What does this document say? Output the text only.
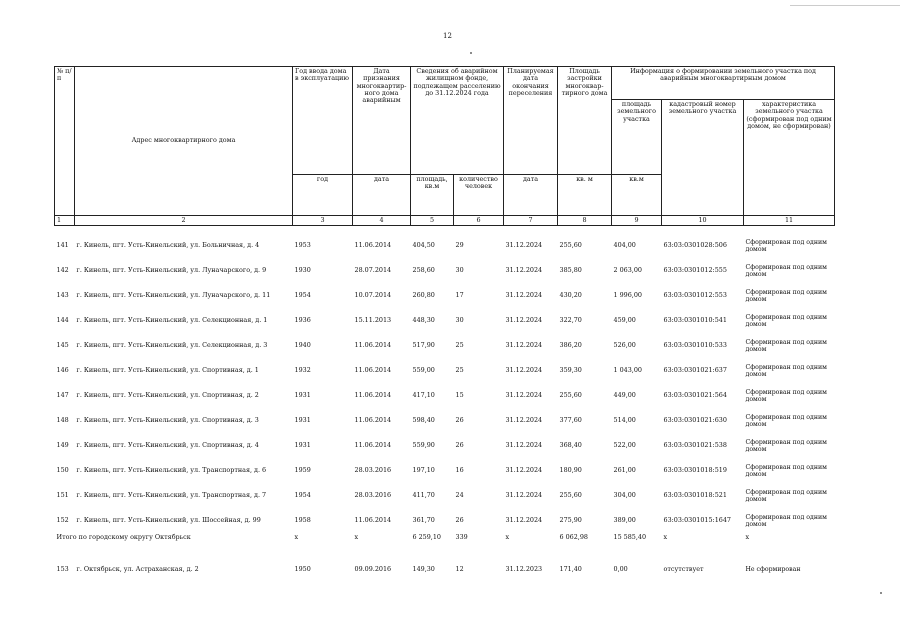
12
№ п/п	Адрес многоквартирного дома	Год ввода дома в эксплуатацию	Дата признания многоквартир-ного дома аварийным	Сведения об аварийном жилищном фонде, подлежащем расселению до 31.12.2024 года		Планируемая дата окончания переселения	Площадь застройки многоквар-тирного дома	Информация о формировании земельного участка под аварийным многоквартирным домом		
								площадь земельного участка	кадастровый номер земельного участка	характеристика земельного участка (сформирован под одним домом, не сформирован)
		год	дата	площадь, кв.м	количество человек	дата	кв. м	кв.м		
1	2	3	4	5	6	7	8	9	10	11

141	г. Кинель, пгт. Усть-Кинельский, ул. Больничная, д. 4	1953	11.06.2014	404,50	29	31.12.2024	255,60	404,00	63:03:0301028:506	Сформирован под одним домом
142	г. Кинель, пгт. Усть-Кинельский, ул. Луначарского, д. 9	1930	28.07.2014	258,60	30	31.12.2024	385,80	2 063,00	63:03:0301012:555	Сформирован под одним домом
143	г. Кинель, пгт. Усть-Кинельский, ул. Луначарского, д. 11	1954	10.07.2014	260,80	17	31.12.2024	430,20	1 996,00	63:03:0301012:553	Сформирован под одним домом
144	г. Кинель, пгт. Усть-Кинельский, ул. Селекционная, д. 1	1936	15.11.2013	448,30	30	31.12.2024	322,70	459,00	63:03:0301010:541	Сформирован под одним домом
145	г. Кинель, пгт. Усть-Кинельский, ул. Селекционная, д. 3	1940	11.06.2014	517,90	25	31.12.2024	386,20	526,00	63:03:0301010:533	Сформирован под одним домом
146	г. Кинель, пгт. Усть-Кинельский, ул. Спортивная, д. 1	1932	11.06.2014	559,00	25	31.12.2024	359,30	1 043,00	63:03:0301021:637	Сформирован под одним домом
147	г. Кинель, пгт. Усть-Кинельский, ул. Спортивная, д. 2	1931	11.06.2014	417,10	15	31.12.2024	255,60	449,00	63:03:0301021:564	Сформирован под одним домом
148	г. Кинель, пгт. Усть-Кинельский, ул. Спортивная, д. 3	1931	11.06.2014	598,40	26	31.12.2024	377,60	514,00	63:03:0301021:630	Сформирован под одним домом
149	г. Кинель, пгт. Усть-Кинельский, ул. Спортивная, д. 4	1931	11.06.2014	559,90	26	31.12.2024	368,40	522,00	63:03:0301021:538	Сформирован под одним домом
150	г. Кинель, пгт. Усть-Кинельский, ул. Транспортная, д. 6	1959	28.03.2016	197,10	16	31.12.2024	180,90	261,00	63:03:0301018:519	Сформирован под одним домом
151	г. Кинель, пгт. Усть-Кинельский, ул. Транспортная, д. 7	1954	28.03.2016	411,70	24	31.12.2024	255,60	304,00	63:03:0301018:521	Сформирован под одним домом
152	г. Кинель, пгт. Усть-Кинельский, ул. Шоссейная, д. 99	1958	11.06.2014	361,70	26	31.12.2024	275,90	389,00	63:03:0301015:1647	Сформирован под одним домом
Итого по городскому округу Октябрьск		х	х	6 259,10	339	х	6 062,98	15 585,40	х	х
153	г. Октябрьск, ул. Астраханская, д. 2	1950	09.09.2016	149,30	12	31.12.2023	171,40	0,00	отсутствует	Не сформирован
